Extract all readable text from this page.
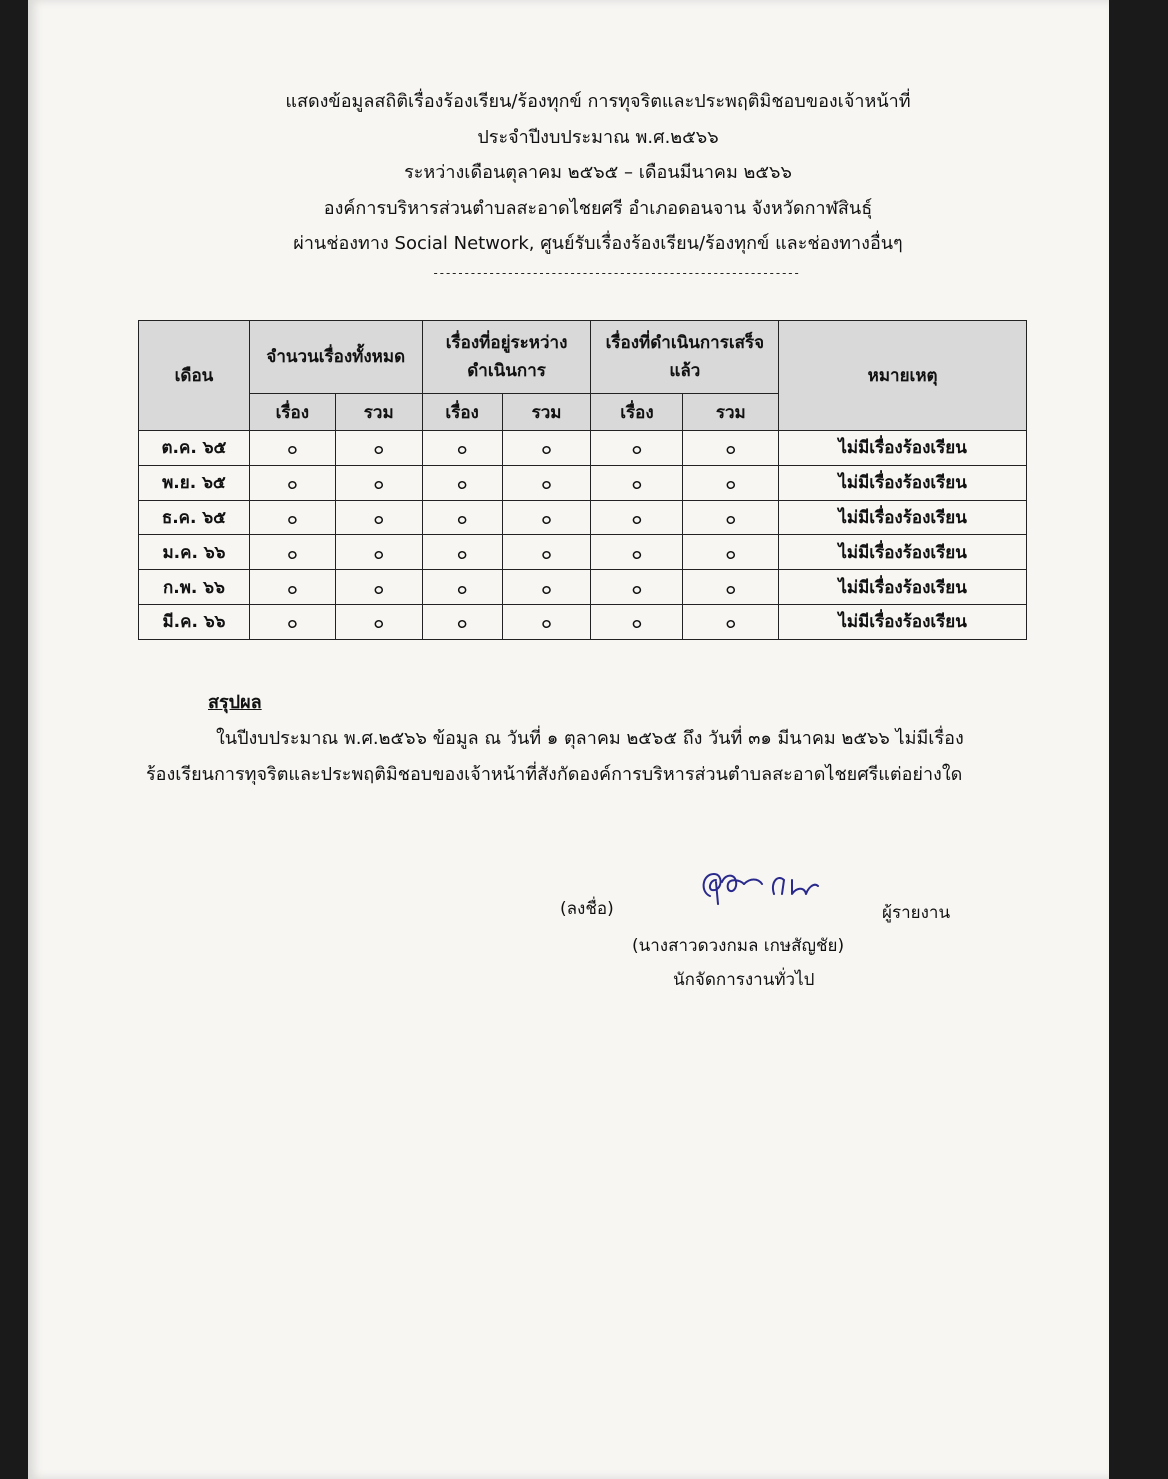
แสดงข้อมูลสถิติเรื่องร้องเรียน/ร้องทุกข์ การทุจริตและประพฤติมิชอบของเจ้าหน้าที่
ประจำปีงบประมาณ พ.ศ.๒๕๖๖
ระหว่างเดือนตุลาคม ๒๕๖๕ – เดือนมีนาคม ๒๕๖๖
องค์การบริหารส่วนตำบลสะอาดไชยศรี อำเภอดอนจาน จังหวัดกาฬสินธุ์
ผ่านช่องทาง Social Network, ศูนย์รับเรื่องร้องเรียน/ร้องทุกข์ และช่องทางอื่นๆ
-----------------------------------------------------------
เดือน	จำนวนเรื่องทั้งหมด		เรื่องที่อยู่ระหว่างดำเนินการ		เรื่องที่ดำเนินการเสร็จแล้ว		หมายเหตุ
	เรื่อง	รวม	เรื่อง	รวม	เรื่อง	รวม	
ต.ค. ๖๕	๐	๐	๐	๐	๐	๐	ไม่มีเรื่องร้องเรียน
พ.ย. ๖๕	๐	๐	๐	๐	๐	๐	ไม่มีเรื่องร้องเรียน
ธ.ค. ๖๕	๐	๐	๐	๐	๐	๐	ไม่มีเรื่องร้องเรียน
ม.ค. ๖๖	๐	๐	๐	๐	๐	๐	ไม่มีเรื่องร้องเรียน
ก.พ. ๖๖	๐	๐	๐	๐	๐	๐	ไม่มีเรื่องร้องเรียน
มี.ค. ๖๖	๐	๐	๐	๐	๐	๐	ไม่มีเรื่องร้องเรียน

สรุปผล

ในปีงบประมาณ พ.ศ.๒๕๖๖ ข้อมูล ณ วันที่ ๑ ตุลาคม ๒๕๖๕ ถึง วันที่ ๓๑ มีนาคม ๒๕๖๖ ไม่มีเรื่อง

ร้องเรียนการทุจริตและประพฤติมิชอบของเจ้าหน้าที่สังกัดองค์การบริหารส่วนตำบลสะอาดไชยศรีแต่อย่างใด

(ลงชื่อ)	ผู้รายงาน
(นางสาวดวงกมล เกษสัญชัย)
นักจัดการงานทั่วไป
